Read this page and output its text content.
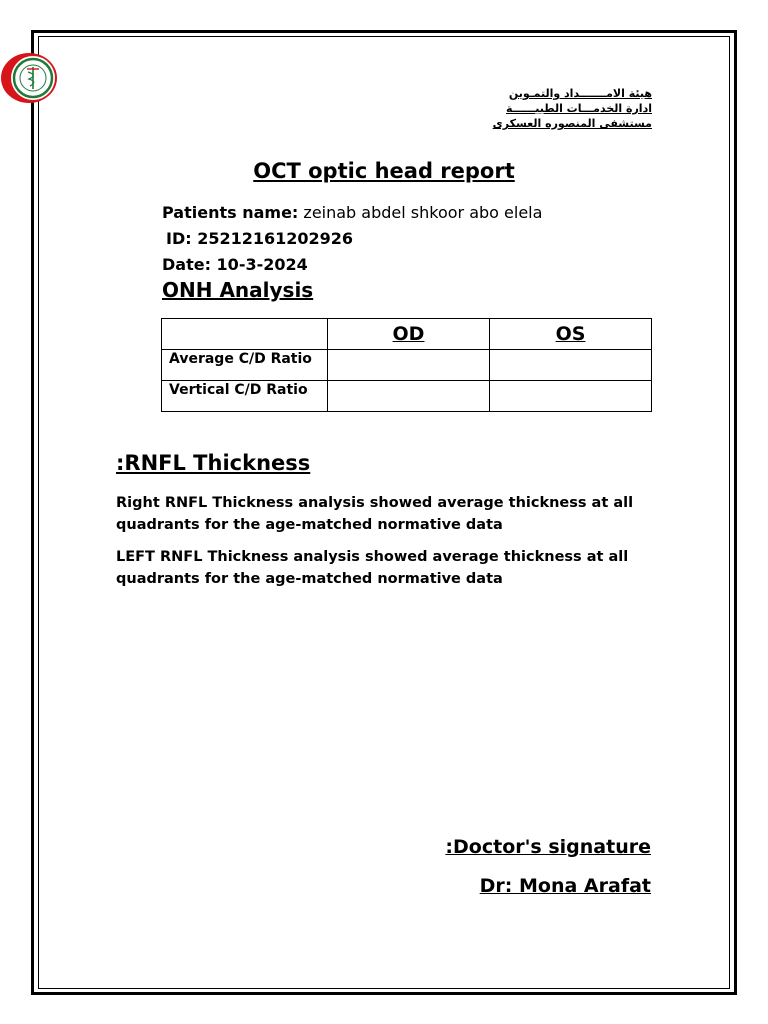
هيئة الامـــــــداد والتمـوين
ادارة الخدمـــات الطبيــــــة
مستشفى المنصوره العسكرى
OCT optic head report
Patients name: zeinab abdel shkoor abo elela
ID: 25212161202926
Date: 10-3-2024
ONH Analysis
	OD	OS
Average C/D Ratio		
Vertical C/D Ratio		
:RNFL Thickness
Right RNFL Thickness analysis showed average thickness at all quadrants for the age-matched normative data
LEFT RNFL Thickness analysis showed average thickness at all quadrants for the age-matched normative data
:Doctor's signature
Dr: Mona Arafat
